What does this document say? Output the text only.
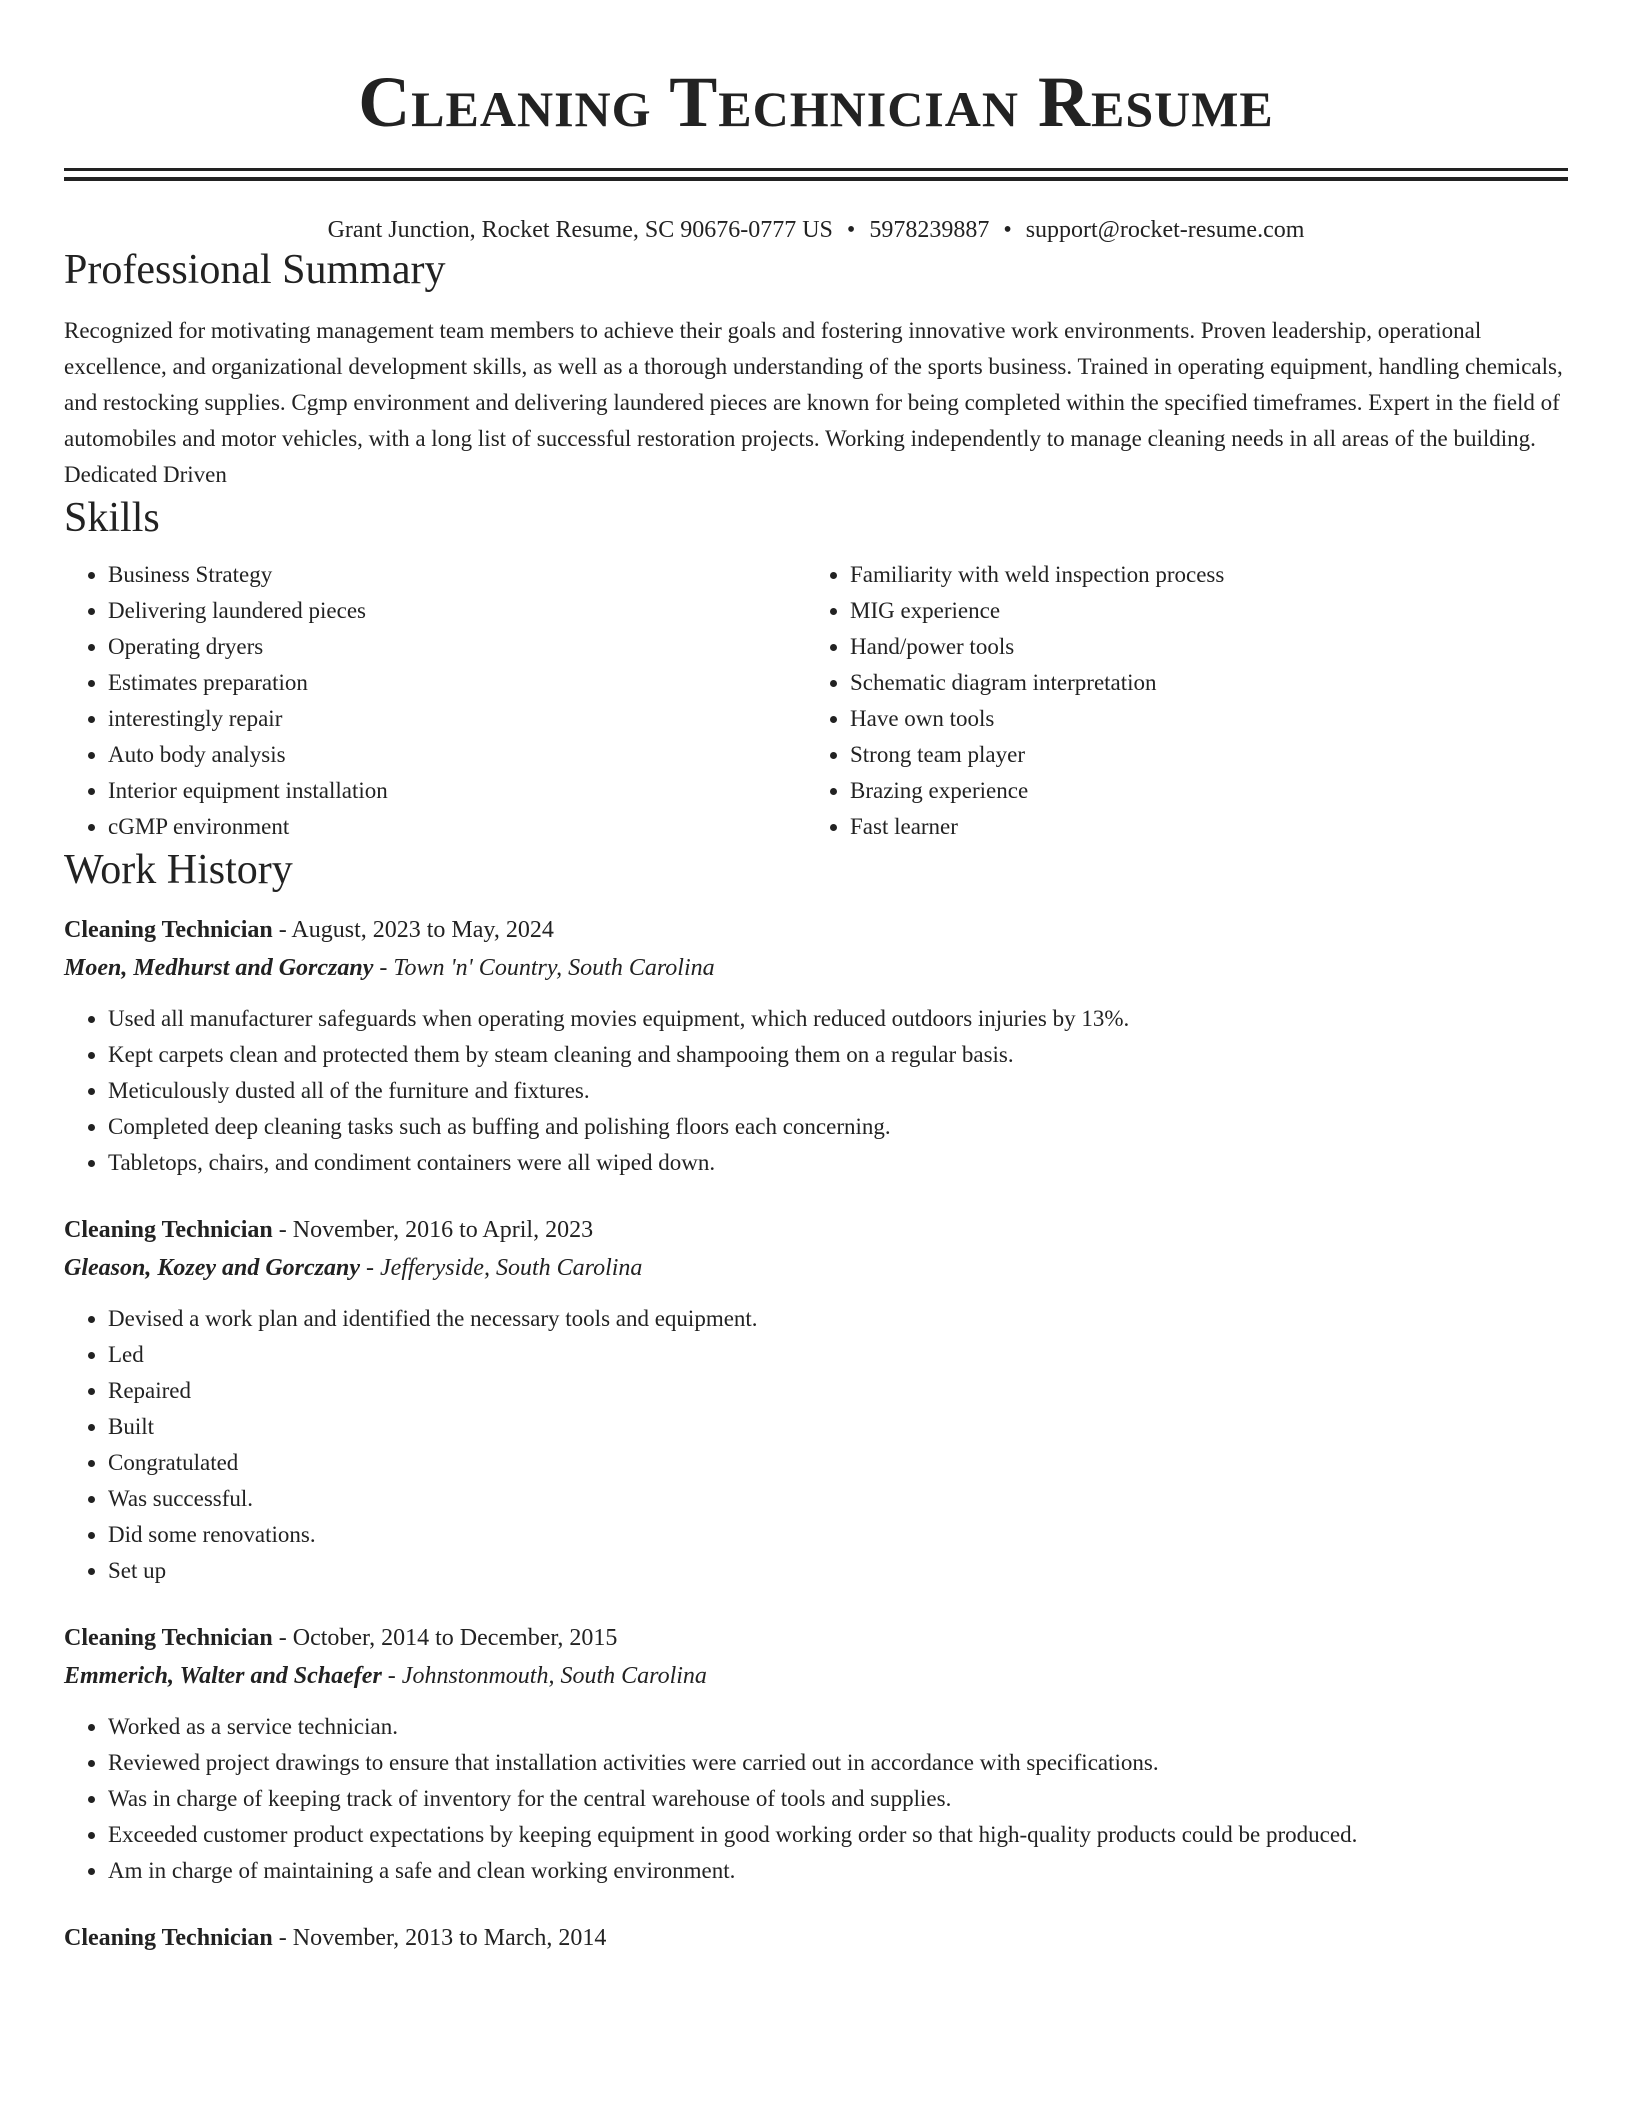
Cleaning Technician Resume
Grant Junction, Rocket Resume, SC 90676-0777 US • 5978239887 • support@rocket-resume.com
Professional Summary

Recognized for motivating management team members to achieve their goals and fostering innovative work environments. Proven leadership, operational excellence, and organizational development skills, as well as a thorough understanding of the sports business. Trained in operating equipment, handling chemicals, and restocking supplies. Cgmp environment and delivering laundered pieces are known for being completed within the specified timeframes. Expert in the field of automobiles and motor vehicles, with a long list of successful restoration projects. Working independently to manage cleaning needs in all areas of the building. Dedicated Driven

Skills
• Business Strategy
• Delivering laundered pieces
• Operating dryers
• Estimates preparation
• interestingly repair
• Auto body analysis
• Interior equipment installation
• cGMP environment
• Familiarity with weld inspection process
• MIG experience
• Hand/power tools
• Schematic diagram interpretation
• Have own tools
• Strong team player
• Brazing experience
• Fast learner
Work History
Cleaning Technician - August, 2023 to May, 2024
Moen, Medhurst and Gorczany - Town 'n' Country, South Carolina
• Used all manufacturer safeguards when operating movies equipment, which reduced outdoors injuries by 13%.
• Kept carpets clean and protected them by steam cleaning and shampooing them on a regular basis.
• Meticulously dusted all of the furniture and fixtures.
• Completed deep cleaning tasks such as buffing and polishing floors each concerning.
• Tabletops, chairs, and condiment containers were all wiped down.
Cleaning Technician - November, 2016 to April, 2023
Gleason, Kozey and Gorczany - Jefferyside, South Carolina
• Devised a work plan and identified the necessary tools and equipment.
• Led
• Repaired
• Built
• Congratulated
• Was successful.
• Did some renovations.
• Set up
Cleaning Technician - October, 2014 to December, 2015
Emmerich, Walter and Schaefer - Johnstonmouth, South Carolina
• Worked as a service technician.
• Reviewed project drawings to ensure that installation activities were carried out in accordance with specifications.
• Was in charge of keeping track of inventory for the central warehouse of tools and supplies.
• Exceeded customer product expectations by keeping equipment in good working order so that high-quality products could be produced.
• Am in charge of maintaining a safe and clean working environment.
Cleaning Technician - November, 2013 to March, 2014
